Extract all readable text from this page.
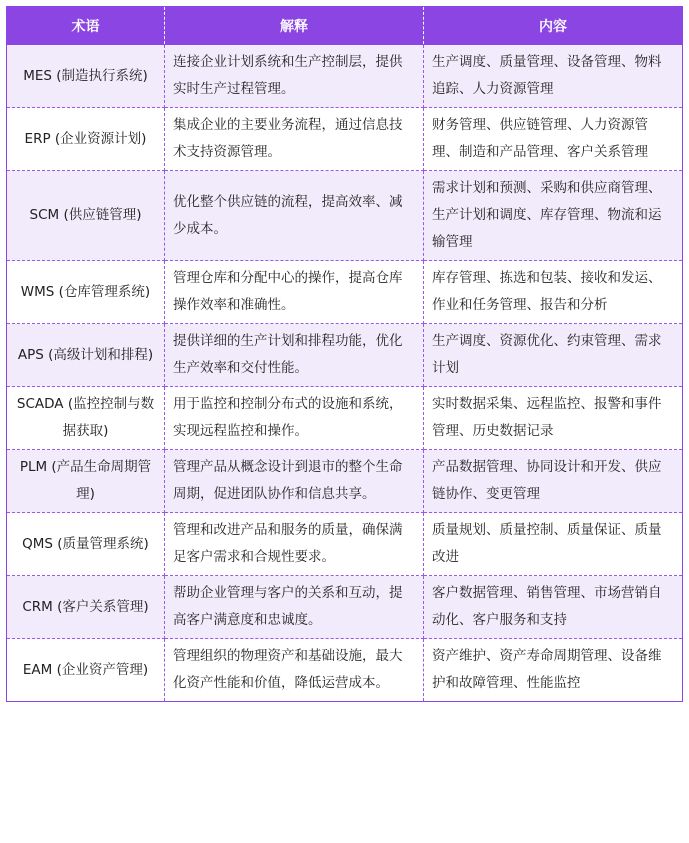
术语	解释	内容
MES (制造执行系统)	连接企业计划系统和生产控制层，提供实时生产过程管理。	生产调度、质量管理、设备管理、物料追踪、人力资源管理
ERP (企业资源计划)	集成企业的主要业务流程，通过信息技术支持资源管理。	财务管理、供应链管理、人力资源管理、制造和产品管理、客户关系管理
SCM (供应链管理)	优化整个供应链的流程，提高效率、减少成本。	需求计划和预测、采购和供应商管理、生产计划和调度、库存管理、物流和运输管理
WMS (仓库管理系统)	管理仓库和分配中心的操作，提高仓库操作效率和准确性。	库存管理、拣选和包装、接收和发运、作业和任务管理、报告和分析
APS (高级计划和排程)	提供详细的生产计划和排程功能，优化生产效率和交付性能。	生产调度、资源优化、约束管理、需求计划
SCADA (监控控制与数据获取)	用于监控和控制分布式的设施和系统，实现远程监控和操作。	实时数据采集、远程监控、报警和事件管理、历史数据记录
PLM (产品生命周期管理)	管理产品从概念设计到退市的整个生命周期，促进团队协作和信息共享。	产品数据管理、协同设计和开发、供应链协作、变更管理
QMS (质量管理系统)	管理和改进产品和服务的质量，确保满足客户需求和合规性要求。	质量规划、质量控制、质量保证、质量改进
CRM (客户关系管理)	帮助企业管理与客户的关系和互动，提高客户满意度和忠诚度。	客户数据管理、销售管理、市场营销自动化、客户服务和支持
EAM (企业资产管理)	管理组织的物理资产和基础设施，最大化资产性能和价值，降低运营成本。	资产维护、资产寿命周期管理、设备维护和故障管理、性能监控
